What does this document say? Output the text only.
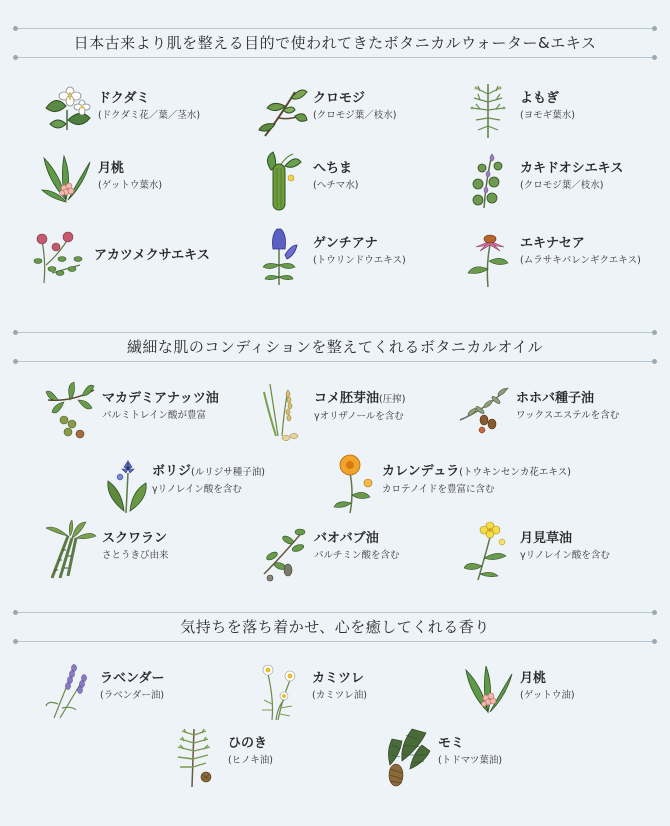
日本古来より肌を整える目的で使われてきたボタニカルウォーター&エキス
ドクダミ
(ドクダミ花／葉／茎水)
クロモジ
(クロモジ葉／枝水)
よもぎ
(ヨモギ葉水)
月桃
(ゲットウ葉水)
へちま
(ヘチマ水)
カキドオシエキス
(クロモジ葉／枝水)
アカツメクサエキス
ゲンチアナ
(トウリンドウエキス)
エキナセア
(ムラサキバレンギクエキス)
繊細な肌のコンディションを整えてくれるボタニカルオイル
マカデミアナッツ油
パルミトレイン酸が豊富
コメ胚芽油(圧搾)
γオリザノールを含む
ホホバ種子油
ワックスエステルを含む
ボリジ(ルリジサ種子油)
γリノレイン酸を含む
カレンデュラ(トウキンセンカ花エキス)
カロテノイドを豊富に含む
スクワラン
さとうきび由来
バオバブ油
パルチミン酸を含む
月見草油
γリノレイン酸を含む
気持ちを落ち着かせ、心を癒してくれる香り
ラベンダー
(ラベンダー油)
カミツレ
(カミツレ油)
月桃
(ゲットウ油)
ひのき
(ヒノキ油)
モミ
(トドマツ葉油)
